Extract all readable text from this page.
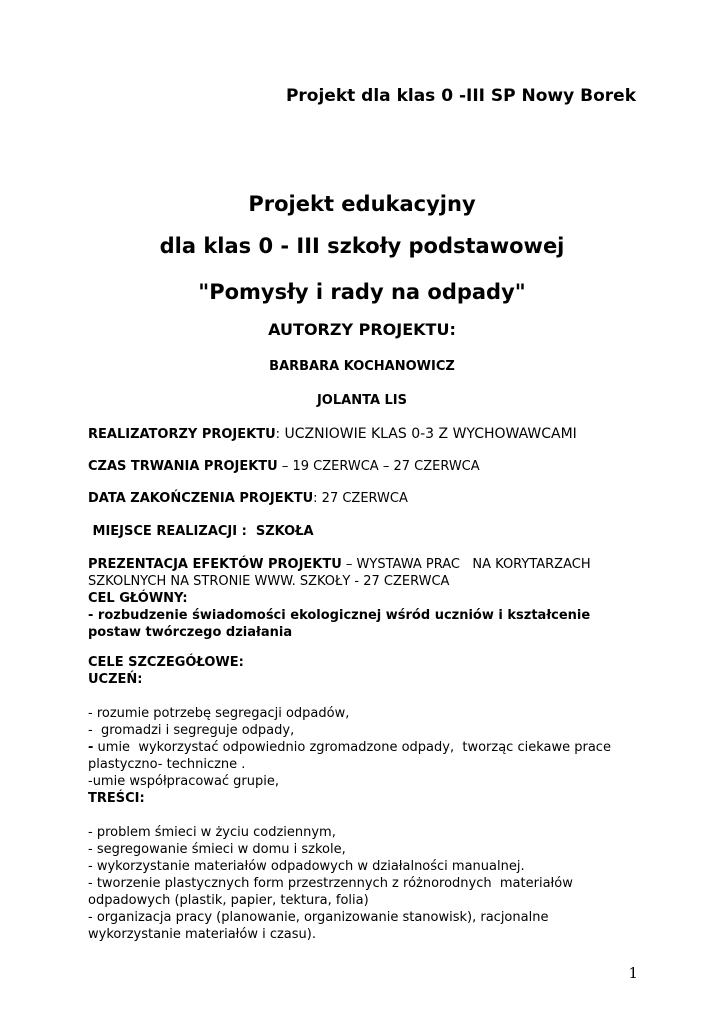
Projekt dla klas 0 -III SP Nowy Borek
Projekt edukacyjny
dla klas 0 - III szkoły podstawowej
"Pomysły i rady na odpady"
AUTORZY PROJEKTU:
BARBARA KOCHANOWICZ
JOLANTA LIS
REALIZATORZY PROJEKTU: UCZNIOWIE KLAS 0-3 Z WYCHOWAWCAMI
CZAS TRWANIA PROJEKTU – 19 CZERWCA – 27 CZERWCA
DATA ZAKOŃCZENIA PROJEKTU: 27 CZERWCA
MIEJSCE REALIZACJI :  SZKOŁA
PREZENTACJA EFEKTÓW PROJEKTU – WYSTAWA PRAC   NA KORYTARZACH
SZKOLNYCH NA STRONIE WWW. SZKOŁY - 27 CZERWCA
CEL GŁÓWNY:
- rozbudzenie świadomości ekologicznej wśród uczniów i kształcenie
postaw twórczego działania
CELE SZCZEGÓŁOWE:
UCZEŃ:
- rozumie potrzebę segregacji odpadów,
-  gromadzi i segreguje odpady,
- umie  wykorzystać odpowiednio zgromadzone odpady,  tworząc ciekawe prace
plastyczno- techniczne .
-umie współpracować grupie,
TREŚCI:
- problem śmieci w życiu codziennym,
- segregowanie śmieci w domu i szkole,
- wykorzystanie materiałów odpadowych w działalności manualnej.
- tworzenie plastycznych form przestrzennych z różnorodnych  materiałów
odpadowych (plastik, papier, tektura, folia)
- organizacja pracy (planowanie, organizowanie stanowisk), racjonalne
wykorzystanie materiałów i czasu).
1
